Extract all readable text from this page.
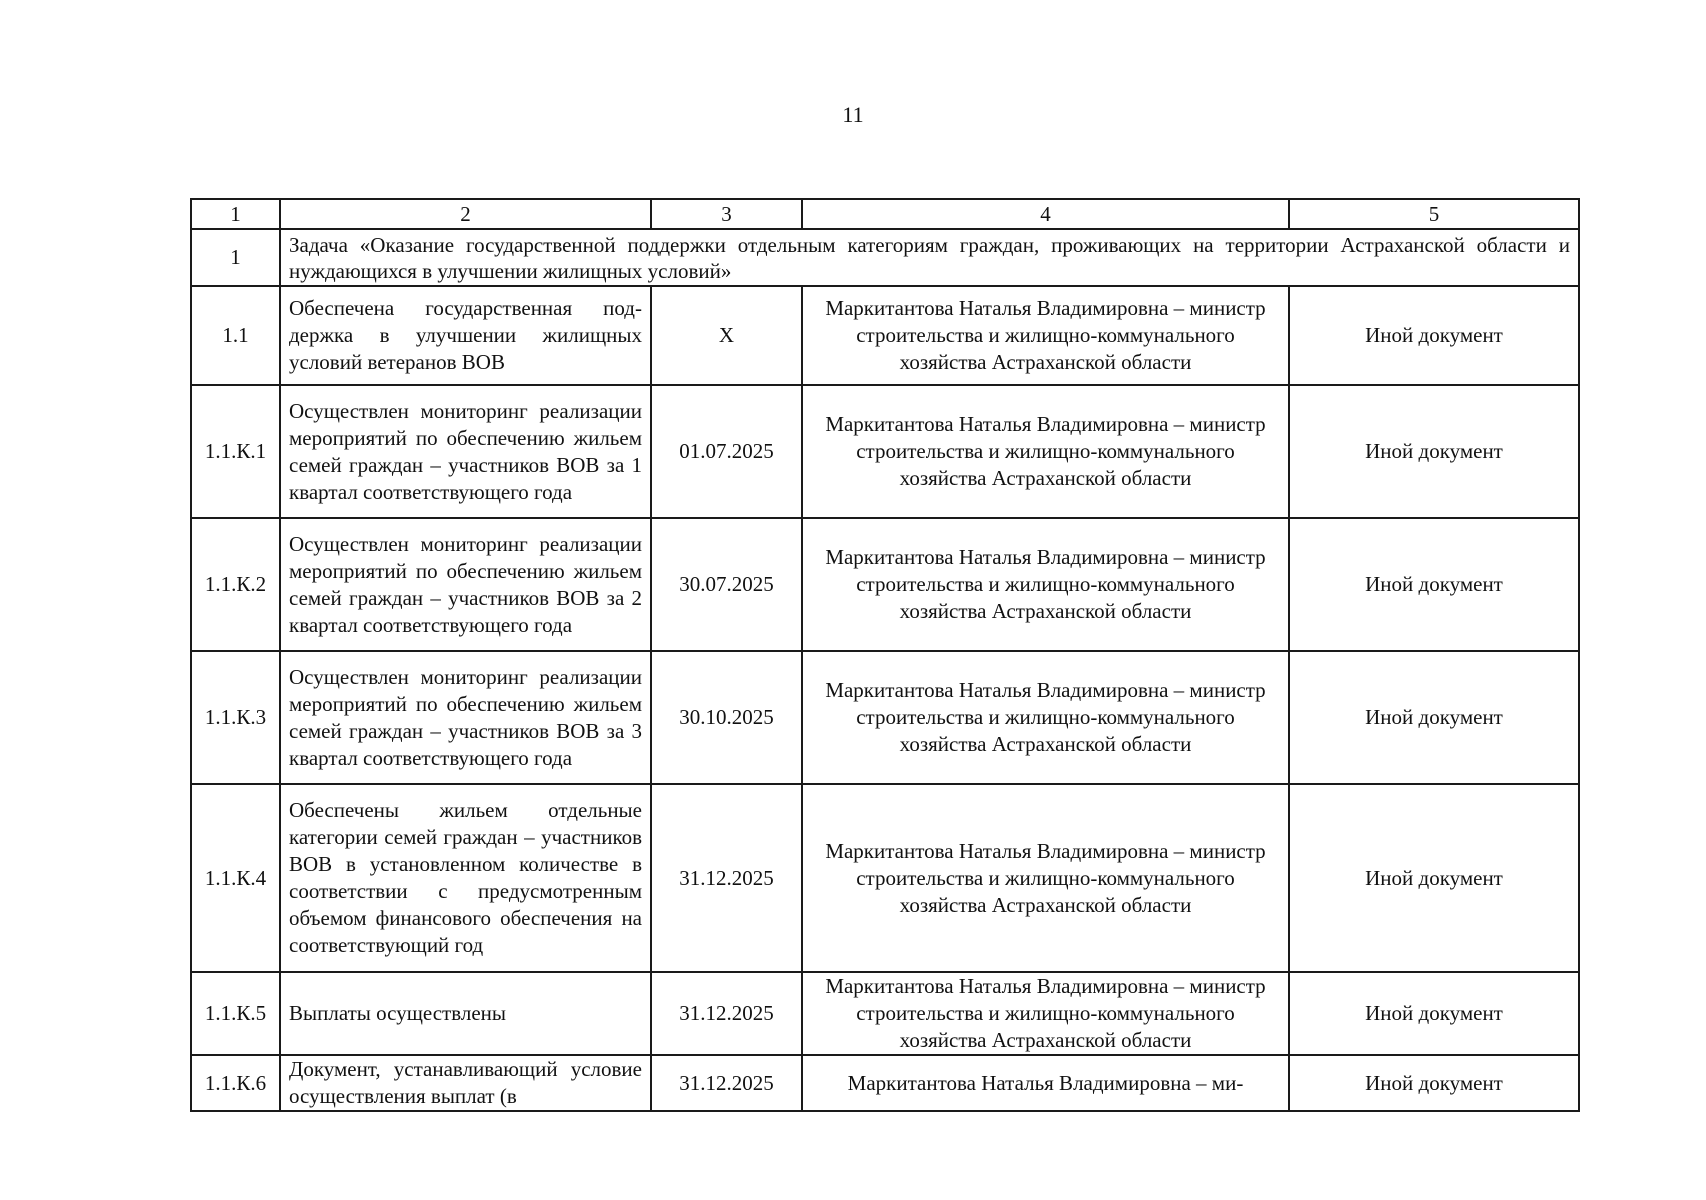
11
1	2	3	4	5
1	Задача «Оказание государственной поддержки отдельным категориям граждан, проживающих на территории Астраханской области и нуждающихся в улучшении жилищных условий»			
1.1	Обеспечена государственная поддержка в улучшении жилищных условий ветеранов ВОВ	Х	Маркитантова Наталья Владимировна – министр строительства и жилищно-коммунального хозяйства Астраханской области	Иной документ
1.1.К.1	Осуществлен мониторинг реализации мероприятий по обеспечению жильем семей граждан – участников ВОВ за 1 квартал соответствующего года	01.07.2025	Маркитантова Наталья Владимировна – министр строительства и жилищно-коммунального хозяйства Астраханской области	Иной документ
1.1.К.2	Осуществлен мониторинг реализации мероприятий по обеспечению жильем семей граждан – участников ВОВ за 2 квартал соответствующего года	30.07.2025	Маркитантова Наталья Владимировна – министр строительства и жилищно-коммунального хозяйства Астраханской области	Иной документ
1.1.К.3	Осуществлен мониторинг реализации мероприятий по обеспечению жильем семей граждан – участников ВОВ за 3 квартал соответствующего года	30.10.2025	Маркитантова Наталья Владимировна – министр строительства и жилищно-коммунального хозяйства Астраханской области	Иной документ
1.1.К.4	Обеспечены жильем отдельные категории семей граждан – участников ВОВ в установленном количестве в соответствии с предусмотренным объемом финансового обеспечения на соответствующий год	31.12.2025	Маркитантова Наталья Владимировна – министр строительства и жилищно-коммунального хозяйства Астраханской области	Иной документ
1.1.К.5	Выплаты осуществлены	31.12.2025	Маркитантова Наталья Владимировна – министр строительства и жилищно-коммунального хозяйства Астраханской области	Иной документ
1.1.К.6	Документ, устанавливающий условие осуществления выплат (в	31.12.2025	Маркитантова Наталья Владимировна – ми-	Иной документ
